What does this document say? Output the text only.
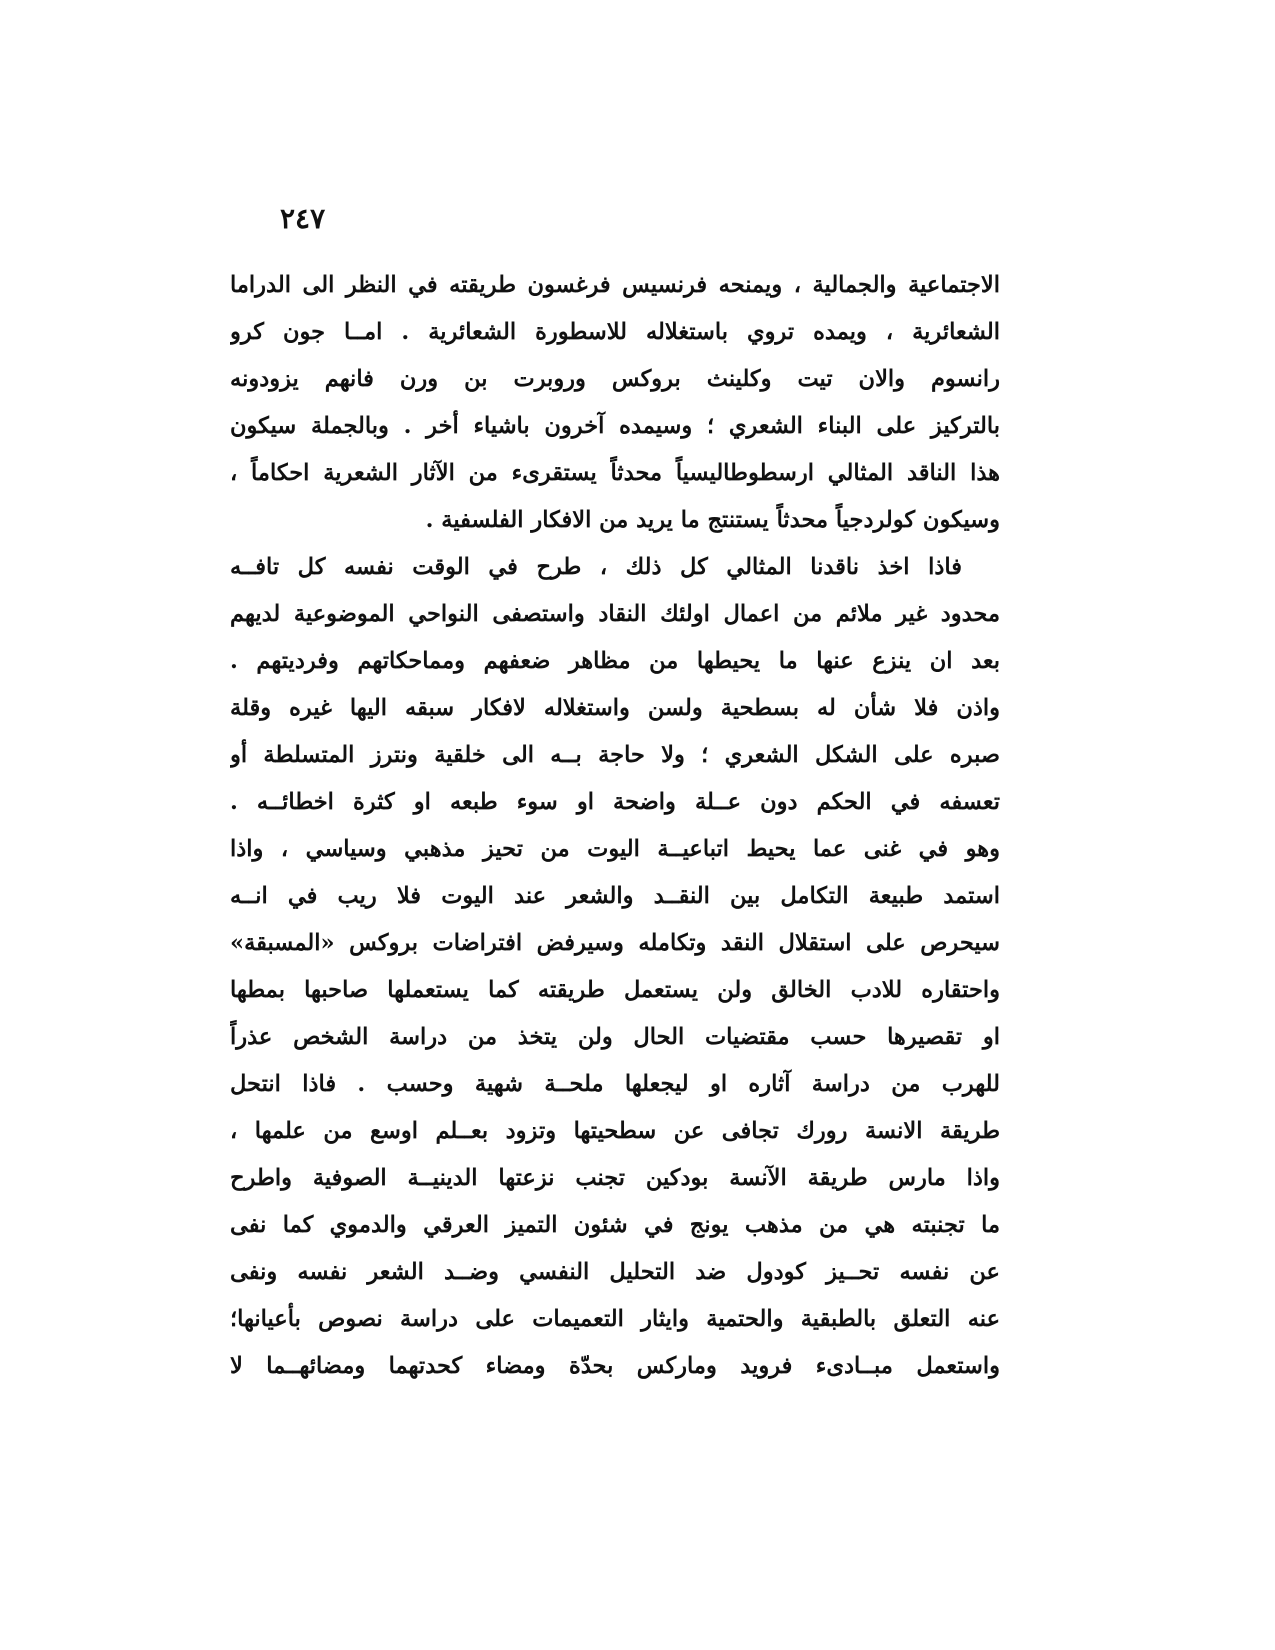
٢٤٧
الاجتماعية والجمالية ، ويمنحه فرنسيس فرغسون طريقته في النظر الى الدراما
الشعائرية ، ويمده تروي باستغلاله للاسطورة الشعائرية . امــا جون كرو
رانسوم والان تيت وكلينث بروكس وروبرت بن ورن فانهم يزودونه
بالتركيز على البناء الشعري ؛ وسيمده آخرون باشياء أخر . وبالجملة سيكون
هذا الناقد المثالي ارسطوطاليسياً محدثاً يستقرىء من الآثار الشعرية احكاماً ،
وسيكون كولردجياً محدثاً يستنتج ما يريد من الافكار الفلسفية .
فاذا اخذ ناقدنا المثالي كل ذلك ، طرح في الوقت نفسه كل تافــه
محدود غير ملائم من اعمال اولئك النقاد واستصفى النواحي الموضوعية لديهم
بعد ان ينزع عنها ما يحيطها من مظاهر ضعفهم ومماحكاتهم وفرديتهم .
واذن فلا شأن له بسطحية ولسن واستغلاله لافكار سبقه اليها غيره وقلة
صبره على الشكل الشعري ؛ ولا حاجة بــه الى خلقية ونترز المتسلطة أو
تعسفه في الحكم دون عــلة واضحة او سوء طبعه او كثرة اخطائــه .
وهو في غنى عما يحيط اتباعيــة اليوت من تحيز مذهبي وسياسي ، واذا
استمد طبيعة التكامل بين النقــد والشعر عند اليوت فلا ريب في انــه
سيحرص على استقلال النقد وتكامله وسيرفض افتراضات بروكس «المسبقة»
واحتقاره للادب الخالق ولن يستعمل طريقته كما يستعملها صاحبها بمطها
او تقصيرها حسب مقتضيات الحال ولن يتخذ من دراسة الشخص عذراً
للهرب من دراسة آثاره او ليجعلها ملحــة شهية وحسب . فاذا انتحل
طريقة الانسة رورك تجافى عن سطحيتها وتزود بعــلم اوسع من علمها ،
واذا مارس طريقة الآنسة بودكين تجنب نزعتها الدينيــة الصوفية واطرح
ما تجنبته هي من مذهب يونج في شئون التميز العرقي والدموي كما نفى
عن نفسه تحــيز كودول ضد التحليل النفسي وضــد الشعر نفسه ونفى
عنه التعلق بالطبقية والحتمية وايثار التعميمات على دراسة نصوص بأعيانها؛
واستعمل مبــادىء فرويد وماركس بحدّة ومضاء كحدتهما ومضائهــما لا
